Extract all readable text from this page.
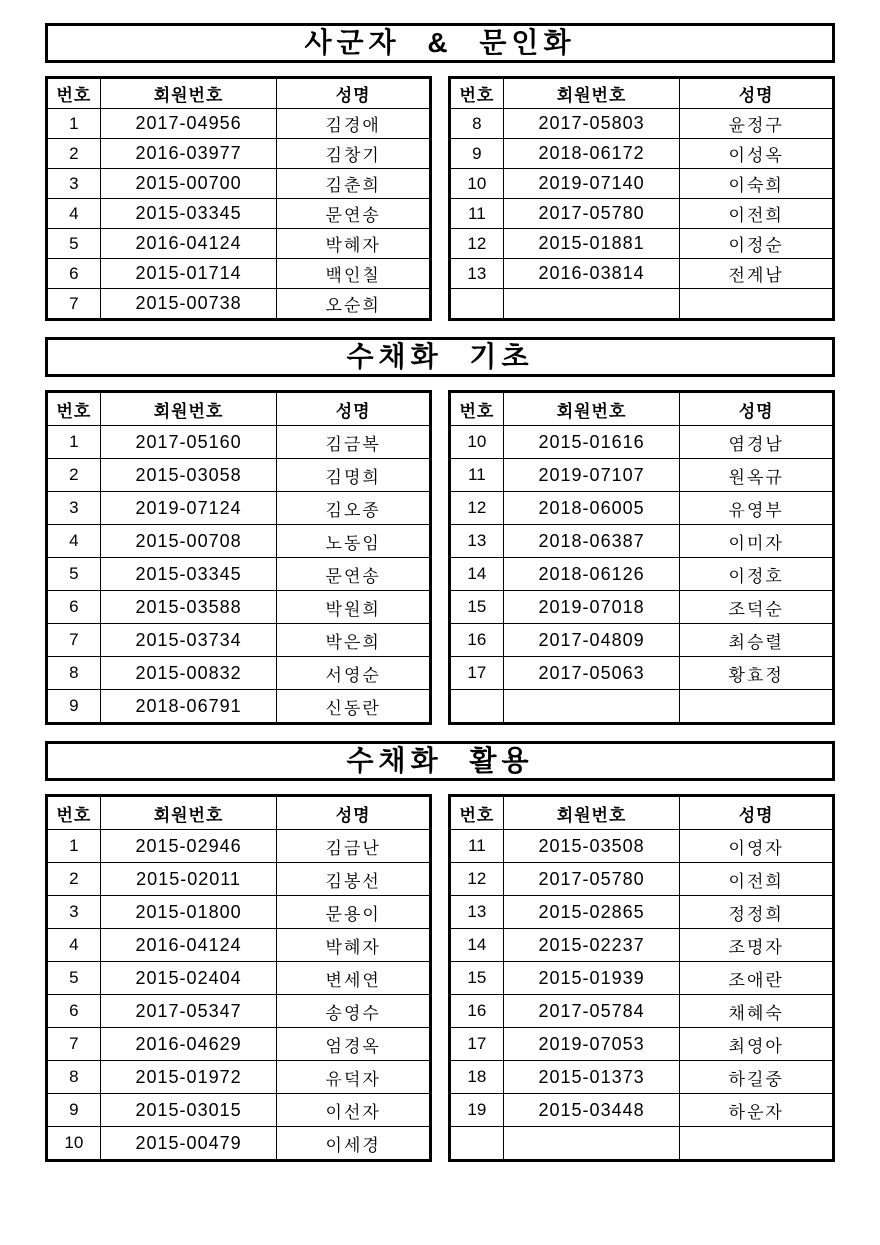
사군자 & 문인화
번호	회원번호	성명
1	2017-04956	김경애
2	2016-03977	김창기
3	2015-00700	김춘희
4	2015-03345	문연송
5	2016-04124	박혜자
6	2015-01714	백인칠
7	2015-00738	오순희
번호	회원번호	성명
8	2017-05803	윤정구
9	2018-06172	이성옥
10	2019-07140	이숙희
11	2017-05780	이전희
12	2015-01881	이정순
13	2016-03814	전계남

수채화 기초
번호	회원번호	성명
1	2017-05160	김금복
2	2015-03058	김명희
3	2019-07124	김오종
4	2015-00708	노동임
5	2015-03345	문연송
6	2015-03588	박원희
7	2015-03734	박은희
8	2015-00832	서영순
9	2018-06791	신동란
번호	회원번호	성명
10	2015-01616	염경남
11	2019-07107	원옥규
12	2018-06005	유영부
13	2018-06387	이미자
14	2018-06126	이정호
15	2019-07018	조덕순
16	2017-04809	최승렬
17	2017-05063	황효정

수채화 활용
번호	회원번호	성명
1	2015-02946	김금난
2	2015-02011	김봉선
3	2015-01800	문용이
4	2016-04124	박혜자
5	2015-02404	변세연
6	2017-05347	송영수
7	2016-04629	엄경옥
8	2015-01972	유덕자
9	2015-03015	이선자
10	2015-00479	이세경
번호	회원번호	성명
11	2015-03508	이영자
12	2017-05780	이전희
13	2015-02865	정정희
14	2015-02237	조명자
15	2015-01939	조애란
16	2017-05784	채혜숙
17	2019-07053	최영아
18	2015-01373	하길중
19	2015-03448	하운자
